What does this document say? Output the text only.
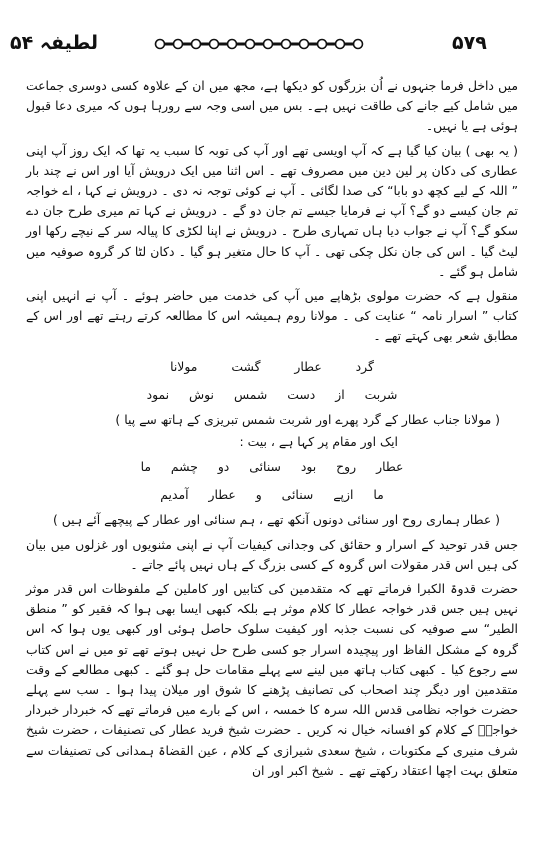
۵۷۹
لطیفہ ۵۴

میں داخل فرما جنہوں نے اُن بزرگوں کو دیکھا ہے، مجھ میں ان کے علاوہ کسی دوسری جماعت میں شامل کیے جانے کی طاقت نہیں ہے۔ بس میں اسی وجہ سے رورہا ہوں کہ میری دعا قبول ہوئی ہے یا نہیں۔

( یہ بھی ) بیان کیا گیا ہے کہ آپ اویسی تھے اور آپ کی توبہ کا سبب یہ تھا کہ ایک روز آپ اپنی عطاری کی دکان پر لین دین میں مصروف تھے ۔ اس اثنا میں ایک درویش آیا اور اس نے چند بار ” اللہ کے لیے کچھ دو بابا“ کی صدا لگائی ۔ آپ نے کوئی توجہ نہ دی ۔ درویش نے کہا ، اے خواجہ تم جان کیسے دو گے؟ آپ نے فرمایا جیسے تم جان دو گے ۔ درویش نے کہا تم میری طرح جان دے سکو گے؟ آپ نے جواب دیا ہاں تمہاری طرح ۔ درویش نے اپنا لکڑی کا پیالہ سر کے نیچے رکھا اور لیٹ گیا ۔ اس کی جان نکل چکی تھی ۔ آپ کا حال متغیر ہو گیا ۔ دکان لٹا کر گروہ صوفیہ میں شامل ہو گئے ۔

منقول ہے کہ حضرت مولوی بڑھاپے میں آپ کی خدمت میں حاضر ہوئے ۔ آپ نے انہیں اپنی کتاب ” اسرار نامہ “ عنایت کی ۔ مولانا روم ہمیشہ اس کا مطالعہ کرتے رہتے تھے اور اس کے مطابق شعر بھی کہتے تھے ۔

گرد عطار گشت مولانا
شربت از دست شمس نوش نمود
( مولانا جناب عطار کے گرد پھرے اور شربت شمس تبریزی کے ہاتھ سے پیا )
ایک اور مقام پر کہا ہے ، بیت :
عطار روح بود سنائی دو چشم ما
ما ازپے سنائی و عطار آمدیم
( عطار ہماری روح اور سنائی دونوں آنکھ تھے ، ہم سنائی اور عطار کے پیچھے آئے ہیں )

جس قدر توحید کے اسرار و حقائق کی وجدانی کیفیات آپ نے اپنی مثنویوں اور غزلوں میں بیان کی ہیں اس قدر مقولات اس گروہ کے کسی بزرگ کے ہاں نہیں پائے جاتے ۔

حضرت قدوۃ الکبرا فرماتے تھے کہ متقدمین کی کتابیں اور کاملین کے ملفوظات اس قدر موثر نہیں ہیں جس قدر خواجہ عطار کا کلام موثر ہے بلکہ کبھی ایسا بھی ہوا کہ فقیر کو ” منطق الطیر“ سے صوفیہ کی نسبت جذبہ اور کیفیت سلوک حاصل ہوئی اور کبھی یوں ہوا کہ اس گروہ کے مشکل الفاظ اور پیچیدہ اسرار جو کسی طرح حل نہیں ہوتے تھے تو میں نے اس کتاب سے رجوع کیا ۔ کبھی کتاب ہاتھ میں لینے سے پہلے مقامات حل ہو گئے ۔ کبھی مطالعے کے وقت متقدمین اور دیگر چند اصحاب کی تصانیف پڑھنے کا شوق اور میلان پیدا ہوا ۔ سب سے پہلے حضرت خواجہ نظامی قدس اللہ سرہ کا خمسہ ، اس کے بارے میں فرماتے تھے کہ خبردار خبردار خواجہؒ کے کلام کو افسانہ خیال نہ کریں ۔ حضرت شیخ فرید عطار کی تصنیفات ، حضرت شیخ شرف منیری کے مکتوبات ، شیخ سعدی شیرازی کے کلام ، عین القضاۃ ہمدانی کی تصنیفات سے متعلق بہت اچھا اعتقاد رکھتے تھے ۔ شیخ اکبر اور ان
